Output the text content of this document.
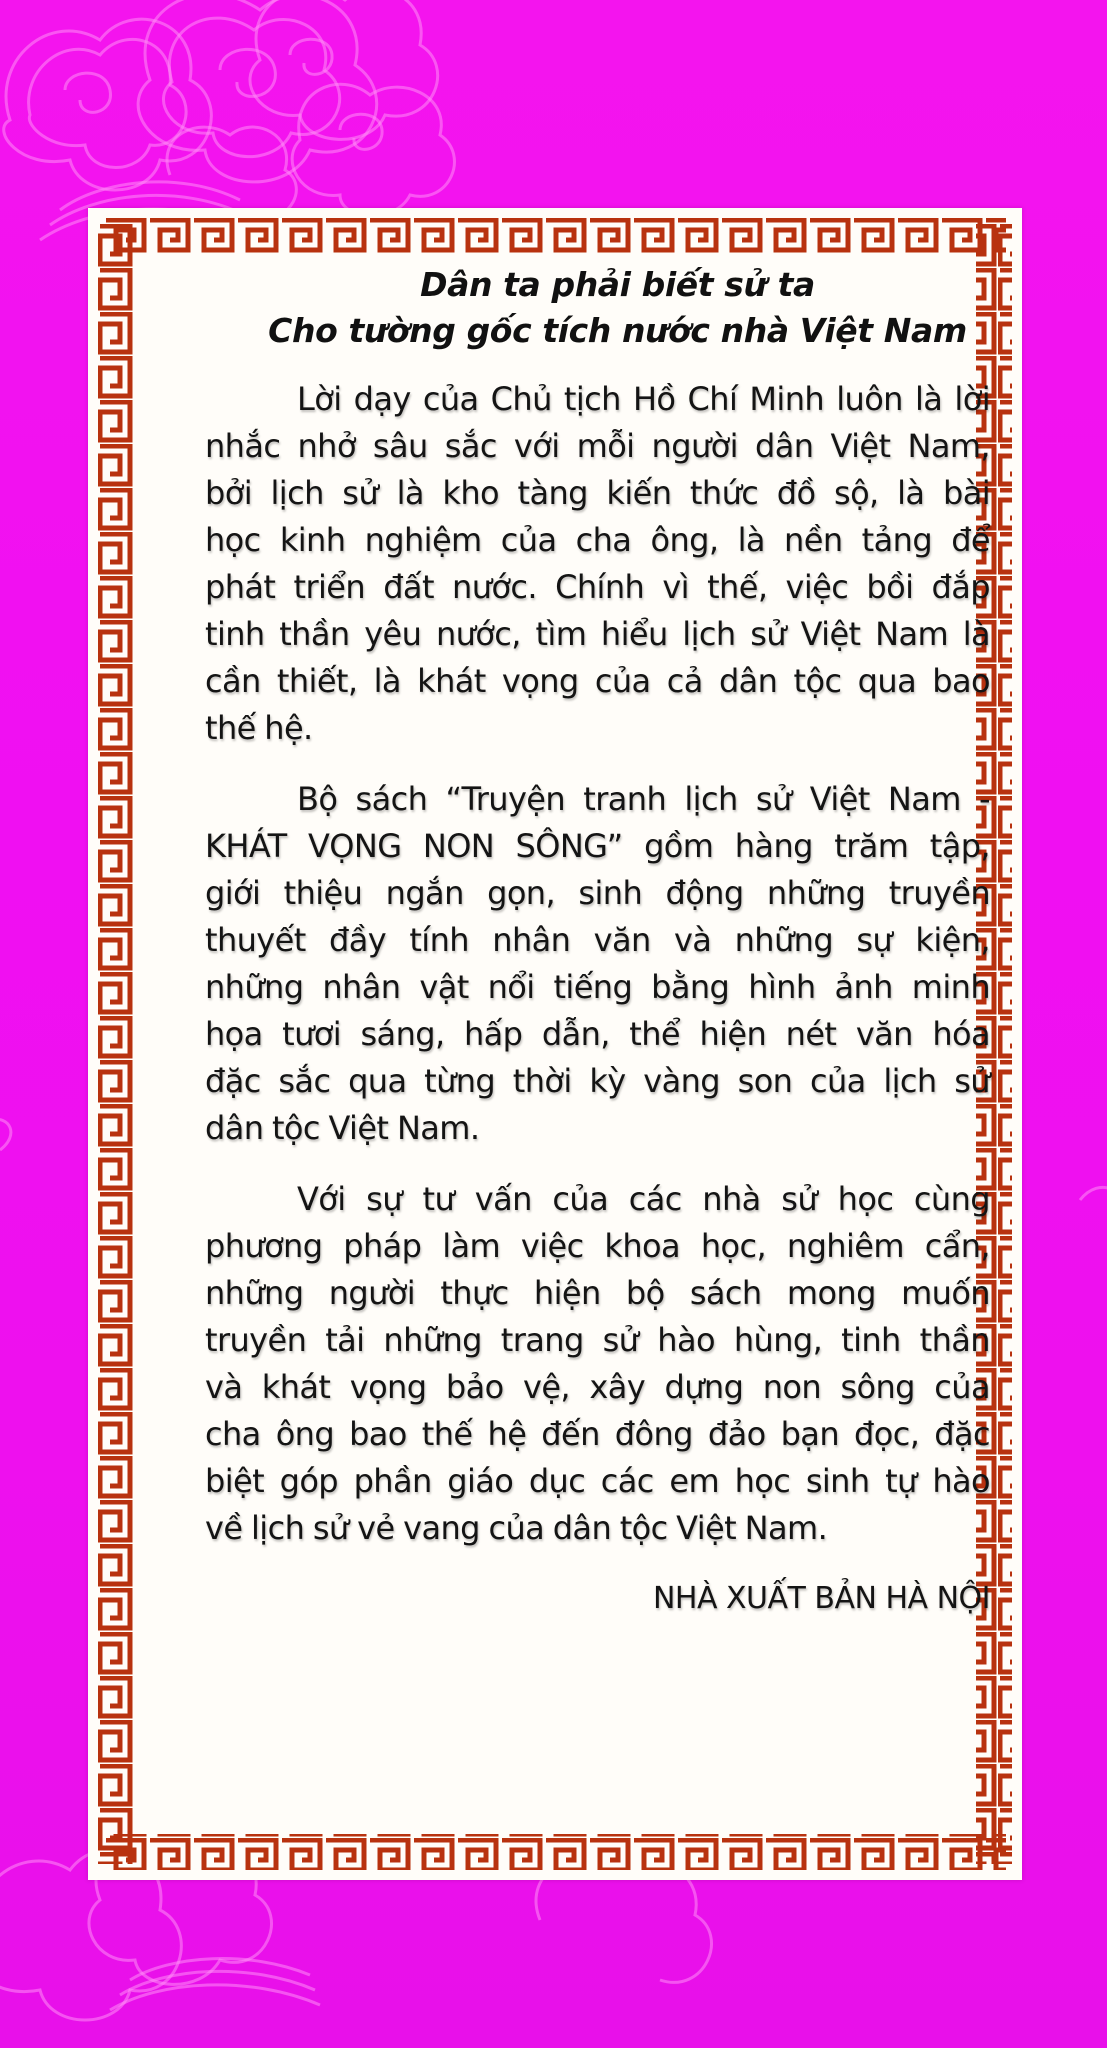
Dân ta phải biết sử ta
Cho tường gốc tích nước nhà Việt Nam
Lời dạy của Chủ tịch Hồ Chí Minh luôn là lời
nhắc nhở sâu sắc với mỗi người dân Việt Nam,
bởi lịch sử là kho tàng kiến thức đồ sộ, là bài
học kinh nghiệm của cha ông, là nền tảng để
phát triển đất nước. Chính vì thế, việc bồi đắp
tinh thần yêu nước, tìm hiểu lịch sử Việt Nam là
cần thiết, là khát vọng của cả dân tộc qua bao
thế hệ.
Bộ sách “Truyện tranh lịch sử Việt Nam -
KHÁT VỌNG NON SÔNG” gồm hàng trăm tập,
giới thiệu ngắn gọn, sinh động những truyền
thuyết đầy tính nhân văn và những sự kiện,
những nhân vật nổi tiếng bằng hình ảnh minh
họa tươi sáng, hấp dẫn, thể hiện nét văn hóa
đặc sắc qua từng thời kỳ vàng son của lịch sử
dân tộc Việt Nam.
Với sự tư vấn của các nhà sử học cùng
phương pháp làm việc khoa học, nghiêm cẩn,
những người thực hiện bộ sách mong muốn
truyền tải những trang sử hào hùng, tinh thần
và khát vọng bảo vệ, xây dựng non sông của
cha ông bao thế hệ đến đông đảo bạn đọc, đặc
biệt góp phần giáo dục các em học sinh tự hào
về lịch sử vẻ vang của dân tộc Việt Nam.
NHÀ XUẤT BẢN HÀ NỘI
